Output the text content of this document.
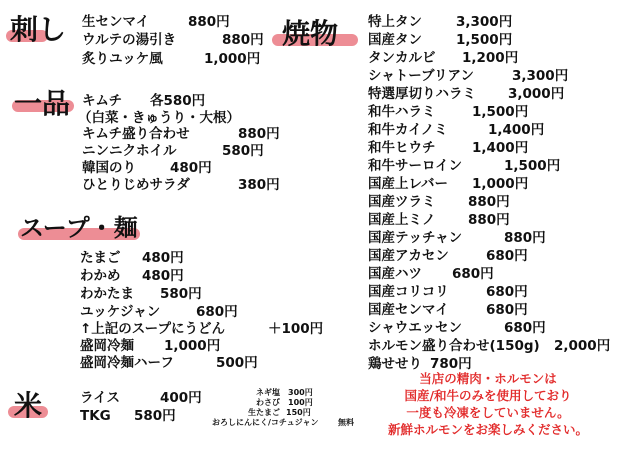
刺し 生センマイ	880円
ウルテの湯引き	880円
炙りユッケ風	1,000円
一品 キムチ 各580円
（白菜・きゅうり・大根）
キムチ盛り合わせ	880円
ニンニクホイル	580円
韓国のり	480円
ひとりじめサラダ	380円
スープ・麺
たまご 480円
わかめ 480円
わかたま 580円
ユッケジャン	680円
↑上記のスープにうどん	＋100円
盛岡冷麺 1,000円
盛岡冷麺ハーフ	500円
米	ライス	400円
TKG 580円
ネギ塩 300円
わさび 100円
生たまご 150円
おろしにんにく/コチュジャン 無料
焼物 特上タン	3,300円
国産タン	1,500円
タンカルビ 1,200円
シャトーブリアン	3,300円
特選厚切りハラミ 3,000円
和牛ハラミ	1,500円
和牛カイノミ	1,400円
和牛ヒウチ	1,400円
和牛サーロイン	1,500円
国産上レバー 1,000円
国産ツラミ 880円
国産上ミノ 880円
国産テッチャン	880円
国産アカセン	680円
国産ハツ 680円
国産コリコリ	680円
国産センマイ	680円
シャウエッセン	680円
ホルモン盛り合わせ(150g) 2,000円
鶏せせり 780円
当店の精肉・ホルモンは
国産/和牛のみを使用しており
一度も冷凍をしていません。
新鮮ホルモンをお楽しみください。
